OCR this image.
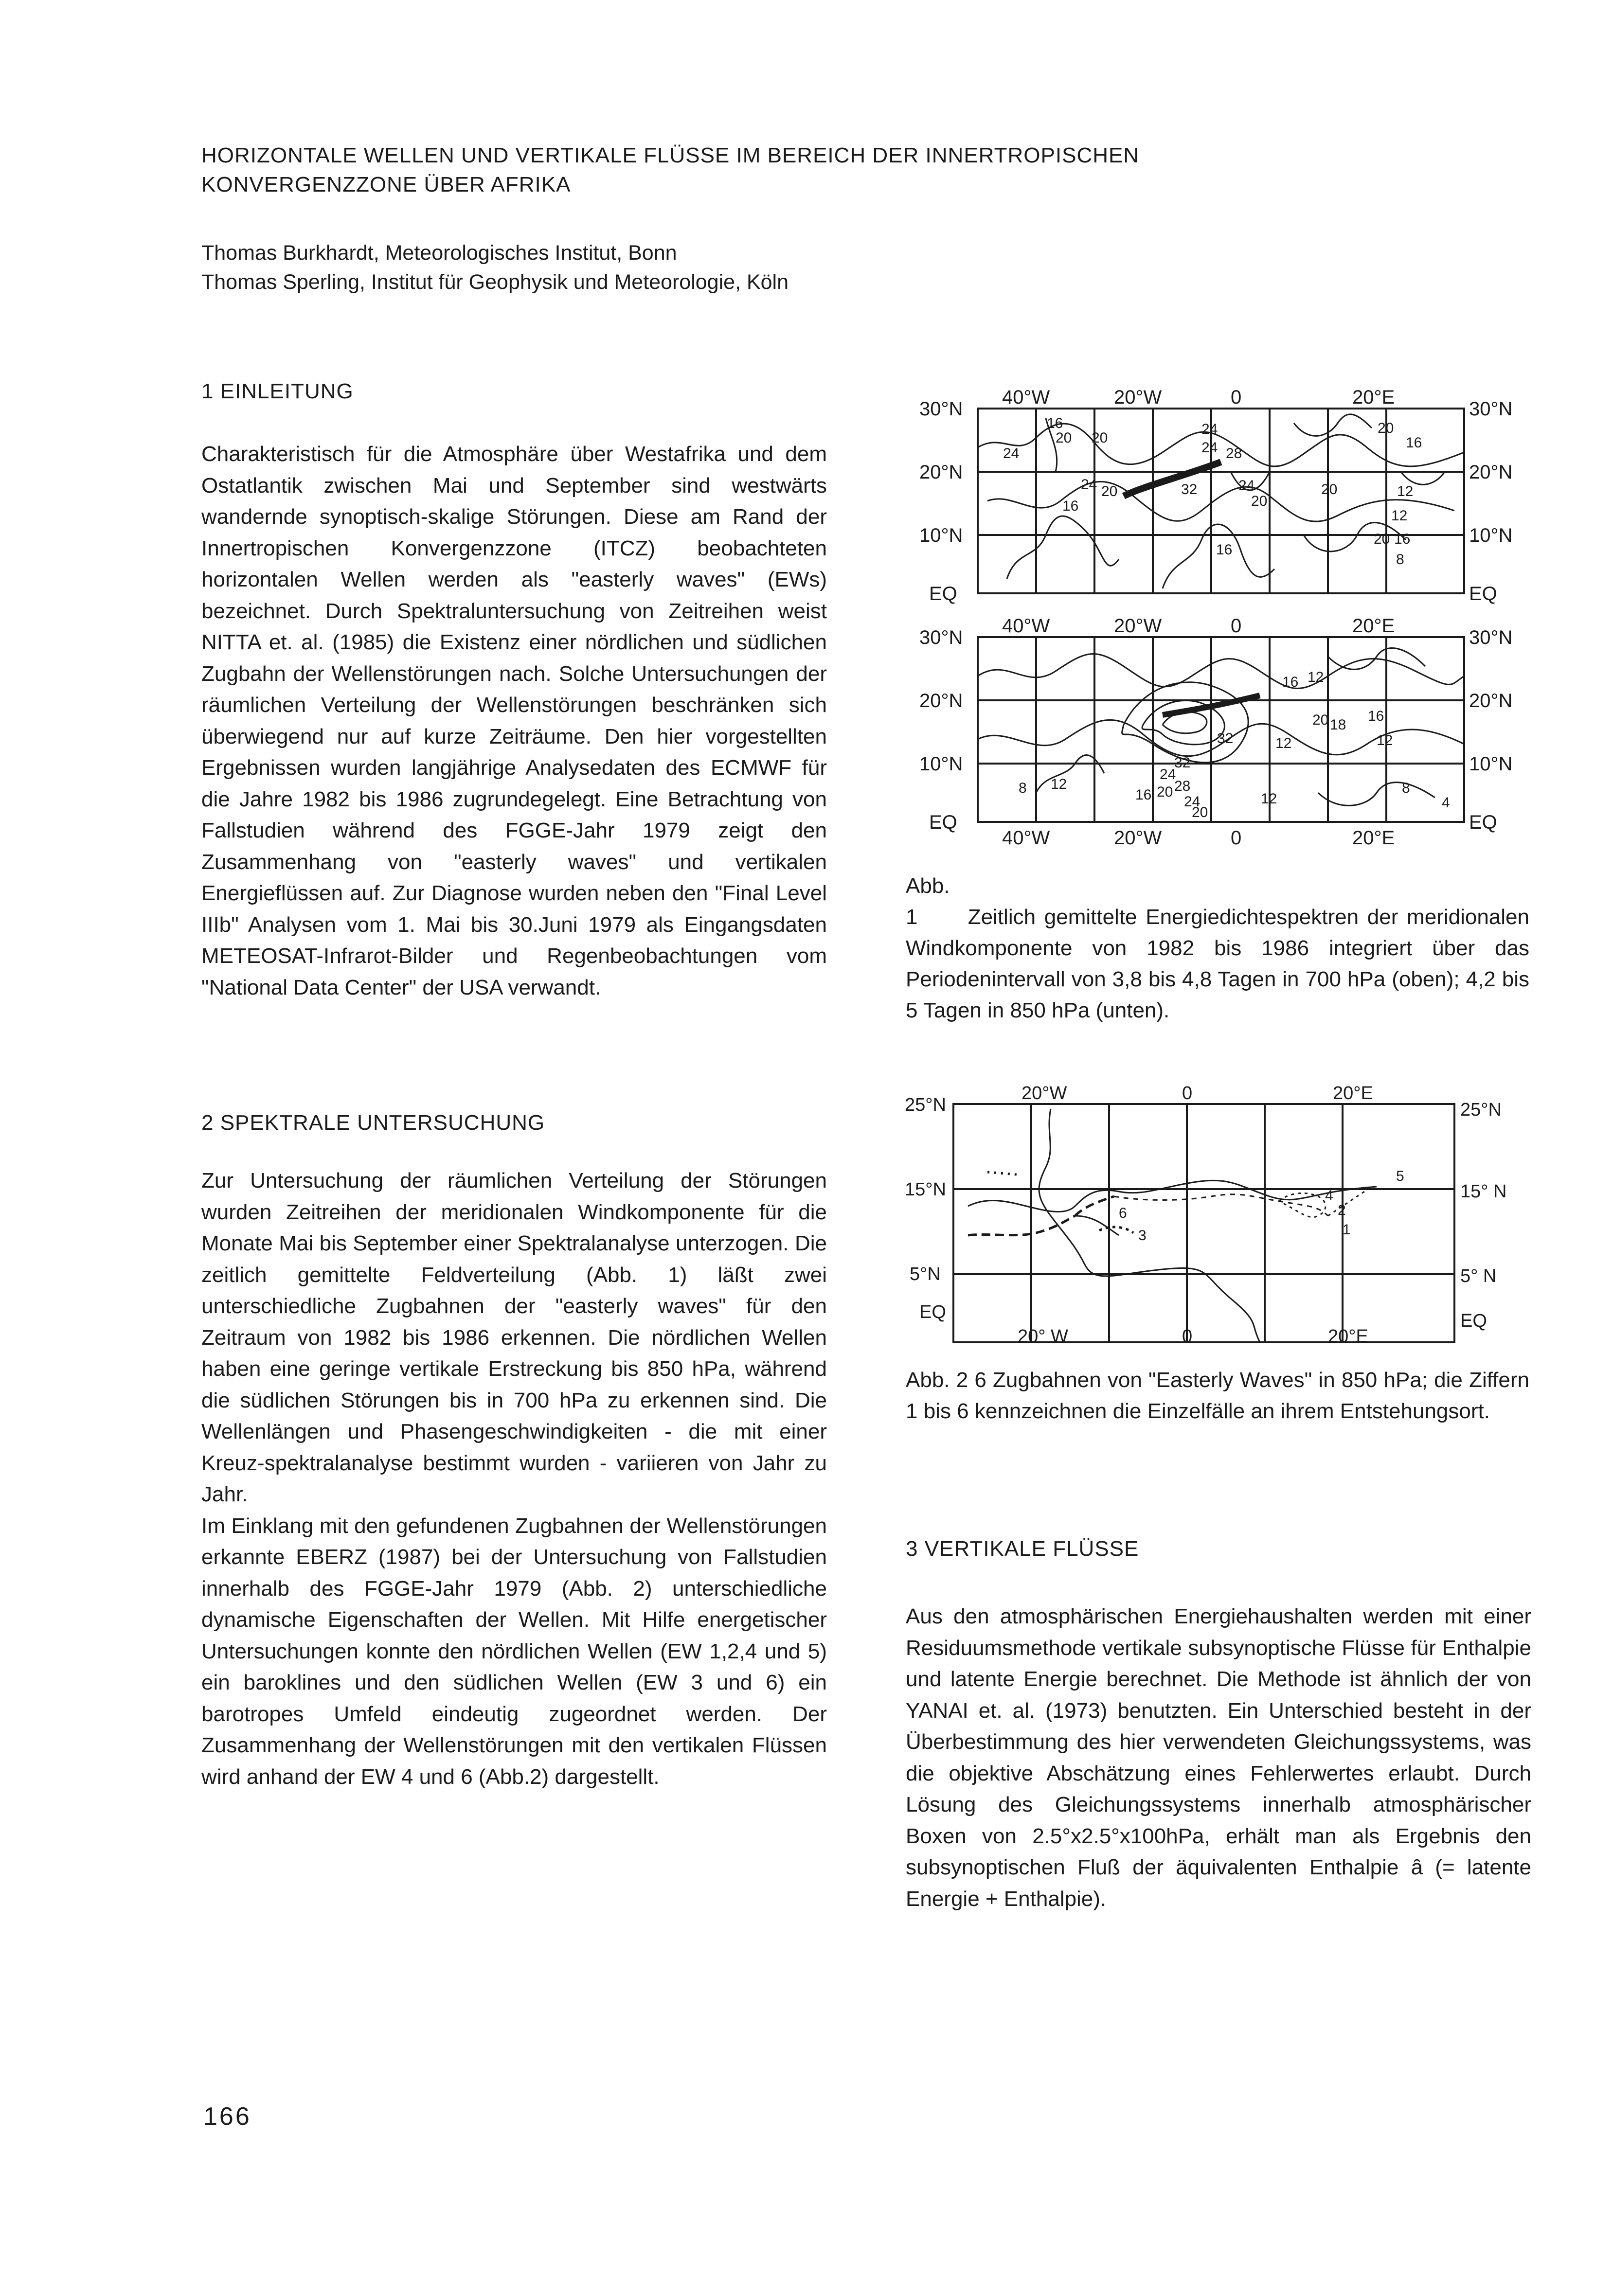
HORIZONTALE WELLEN UND VERTIKALE FLÜSSE IM BEREICH DER INNERTROPISCHEN KONVERGENZZONE ÜBER AFRIKA
Thomas Burkhardt, Meteorologisches Institut, Bonn
Thomas Sperling, Institut für Geophysik und Meteorologie, Köln
1 EINLEITUNG

Charakteristisch für die Atmosphäre über Westafrika und dem Ostatlantik zwischen Mai und September sind westwärts wandernde synoptisch-skalige Störungen. Diese am Rand der Innertropischen Konvergenzzone (ITCZ) beobachteten horizontalen Wellen werden als "easterly waves" (EWs) bezeichnet. Durch Spektraluntersuchung von Zeitreihen weist NITTA et. al. (1985) die Existenz einer nördlichen und südlichen Zugbahn der Wellenstörungen nach. Solche Untersuchungen der räumlichen Verteilung der Wellenstörungen beschränken sich überwiegend nur auf kurze Zeiträume. Den hier vorgestellten Ergebnissen wurden langjährige Analysedaten des ECMWF für die Jahre 1982 bis 1986 zugrundegelegt. Eine Betrachtung von Fallstudien während des FGGE-Jahr 1979 zeigt den Zusammenhang von "easterly waves" und vertikalen Energieflüssen auf. Zur Diagnose wurden neben den "Final Level IIIb" Analysen vom 1. Mai bis 30.Juni 1979 als Eingangsdaten METEOSAT-Infrarot-Bilder und Regenbeobachtungen vom "National Data Center" der USA verwandt.

2 SPEKTRALE UNTERSUCHUNG

Zur Untersuchung der räumlichen Verteilung der Störungen wurden Zeitreihen der meridionalen Windkomponente für die Monate Mai bis September einer Spektralanalyse unterzogen. Die zeitlich gemittelte Feldverteilung (Abb. 1) läßt zwei unterschiedliche Zugbahnen der "easterly waves" für den Zeitraum von 1982 bis 1986 erkennen. Die nördlichen Wellen haben eine geringe vertikale Erstreckung bis 850 hPa, während die südlichen Störungen bis in 700 hPa zu erkennen sind. Die Wellenlängen und Phasengeschwindigkeiten - die mit einer Kreuz-spektralanalyse bestimmt wurden - variieren von Jahr zu Jahr.

Im Einklang mit den gefundenen Zugbahnen der Wellenstörungen erkannte EBERZ (1987) bei der Untersuchung von Fallstudien innerhalb des FGGE-Jahr 1979 (Abb. 2) unterschiedliche dynamische Eigenschaften der Wellen. Mit Hilfe energetischer Untersuchungen konnte den nördlichen Wellen (EW 1,2,4 und 5) ein baroklines und den südlichen Wellen (EW 3 und 6) ein barotropes Umfeld eindeutig zugeordnet werden. Der Zusammenhang der Wellenstörungen mit den vertikalen Flüssen wird anhand der EW 4 und 6 (Abb.2) dargestellt.

16
20 20
24
24
24 28
20
16
20
24	32	24
20
20	12
16
20 16
16
12
8
16 12
20 18
16
32	12	12
8	8
12
24
28
32
16 20
24
20
12	4
40°W	20°W	0	20°E
40°W	20°W	0	20°E
40°W	20°W	0	20°E
30°N
20°N
10°N
EQ
30°N
20°N
10°N
EQ
30°N
20°N
10°N
EQ
30°N
20°N
10°N
EQ
Abb. 1 Zeitlich gemittelte Energiedichtespektren der meridionalen Windkomponente von 1982 bis 1986 integriert über das Periodenintervall von 3,8 bis 4,8 Tagen in 700 hPa (oben); 4,2 bis 5 Tagen in 850 hPa (unten).
1
2
3
4
5
6
20°W	0	20°E
20° W	0	20°E
25°N
15°N
5°N
EQ
25°N
15° N
5° N
EQ
Abb. 2 6 Zugbahnen von "Easterly Waves" in 850 hPa; die Ziffern 1 bis 6 kennzeichnen die Einzelfälle an ihrem Entstehungsort.
3 VERTIKALE FLÜSSE

Aus den atmosphärischen Energiehaushalten werden mit einer Residuumsmethode vertikale subsynoptische Flüsse für Enthalpie und latente Energie berechnet. Die Methode ist ähnlich der von YANAI et. al. (1973) benutzten. Ein Unterschied besteht in der Überbestimmung des hier verwendeten Gleichungssystems, was die objektive Abschätzung eines Fehlerwertes erlaubt. Durch Lösung des Gleichungssystems innerhalb atmosphärischer Boxen von 2.5°x2.5°x100hPa, erhält man als Ergebnis den subsynoptischen Fluß der äquivalenten Enthalpie ȃ (= latente Energie + Enthalpie).

166
